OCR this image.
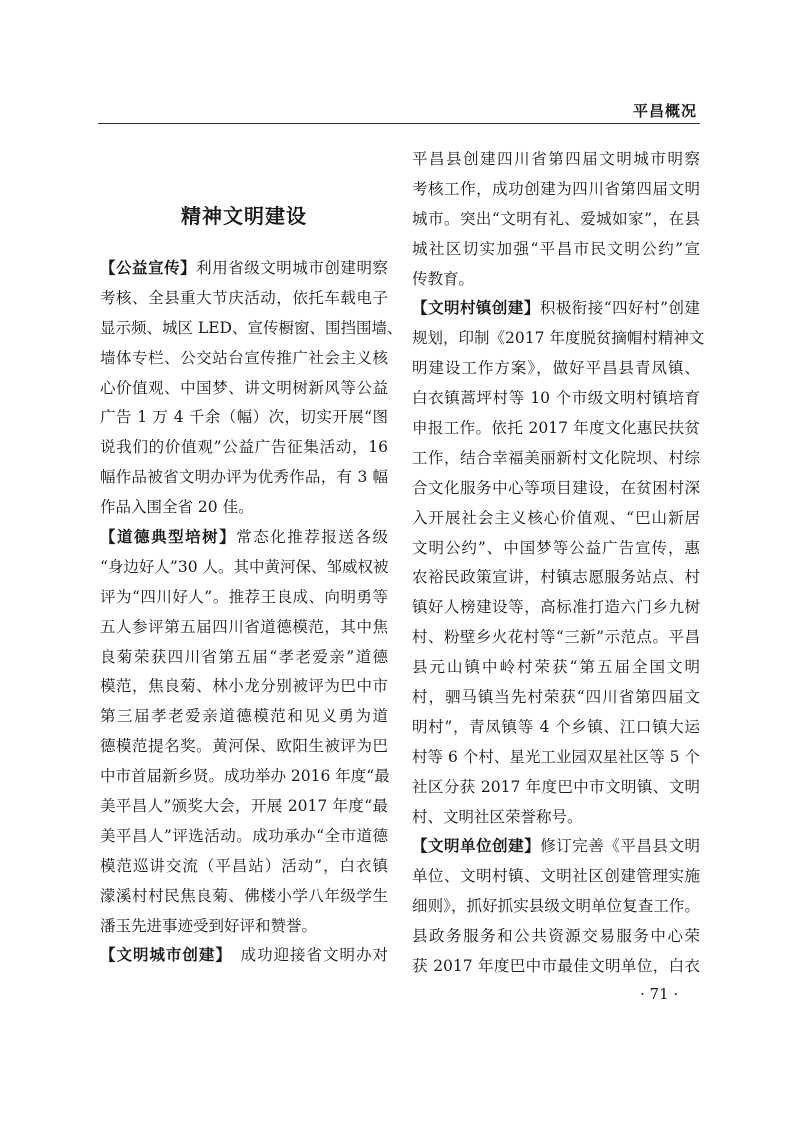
平昌概况
精神文明建设
【公益宣传】利用省级文明城市创建明察
考核、全县重大节庆活动，依托车载电子
显示频、城区 LED、宣传橱窗、围挡围墙、
墙体专栏、公交站台宣传推广社会主义核
心价值观、中国梦、讲文明树新风等公益
广告 1 万 4 千余（幅）次，切实开展“图
说我们的价值观”公益广告征集活动，16
幅作品被省文明办评为优秀作品，有 3 幅
作品入围全省 20 佳。
【道德典型培树】常态化推荐报送各级
“身边好人”30 人。其中黄河保、邹威权被
评为“四川好人”。推荐王良成、向明勇等
五人参评第五届四川省道德模范，其中焦
良菊荣获四川省第五届“孝老爱亲”道德
模范，焦良菊、林小龙分别被评为巴中市
第三届孝老爱亲道德模范和见义勇为道
德模范提名奖。黄河保、欧阳生被评为巴
中市首届新乡贤。成功举办 2016 年度“最
美平昌人”颁奖大会，开展 2017 年度“最
美平昌人”评选活动。成功承办“全市道德
模范巡讲交流（平昌站）活动”，白衣镇
濛溪村村民焦良菊、佛楼小学八年级学生
潘玉先进事迹受到好评和赞誉。
【文明城市创建】　成功迎接省文明办对
平昌县创建四川省第四届文明城市明察
考核工作，成功创建为四川省第四届文明
城市。突出“文明有礼、爱城如家”，在县
城社区切实加强“平昌市民文明公约”宣
传教育。
【文明村镇创建】积极衔接“四好村”创建
规划，印制《2017 年度脱贫摘帽村精神文
明建设工作方案》，做好平昌县青凤镇、
白衣镇蒿坪村等 10 个市级文明村镇培育
申报工作。依托 2017 年度文化惠民扶贫
工作，结合幸福美丽新村文化院坝、村综
合文化服务中心等项目建设，在贫困村深
入开展社会主义核心价值观、“巴山新居
文明公约”、中国梦等公益广告宣传，惠
农裕民政策宣讲，村镇志愿服务站点、村
镇好人榜建设等，高标准打造六门乡九树
村、粉壁乡火花村等“三新”示范点。平昌
县元山镇中岭村荣获“第五届全国文明
村，驷马镇当先村荣获“四川省第四届文
明村”，青凤镇等 4 个乡镇、江口镇大运
村等 6 个村、星光工业园双星社区等 5 个
社区分获 2017 年度巴中市文明镇、文明
村、文明社区荣誉称号。
【文明单位创建】修订完善《平昌县文明
单位、文明村镇、文明社区创建管理实施
细则》，抓好抓实县级文明单位复查工作。
县政务服务和公共资源交易服务中心荣
获 2017 年度巴中市最佳文明单位，白衣
· 71 ·
